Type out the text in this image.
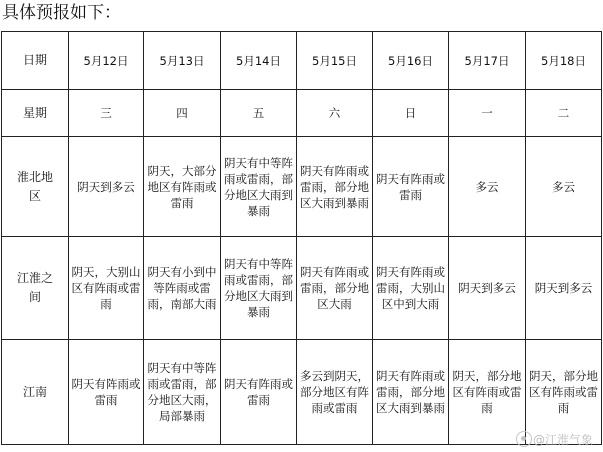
具体预报如下：
日期	5月12日	5月13日	5月14日	5月15日	5月16日	5月17日	5月18日
星期	三	四	五	六	日	一	二

淮北地区	阴天到多云	阴天，大部分地区有阵雨或雷雨	阴天有中等阵雨或雷雨，部分地区大雨到暴雨	阴天有阵雨或雷雨，部分地区大雨到暴雨	阴天有阵雨或雷雨	多云	多云

江淮之间	阴天，大别山区有阵雨或雷雨	阴天有小到中等阵雨或雷雨，南部大雨	阴天有中等阵雨或雷雨，部分地区大雨到暴雨	阴天有阵雨或雷雨，部分地区大雨	阴天有阵雨或雷雨，大别山区中到大雨	阴天到多云	阴天到多云

江南	阴天有阵雨或雷雨	阴天有中等阵雨或雷雨，部分地区大雨，局部暴雨	阴天有阵雨或雷雨	多云到阴天，部分地区有阵雨或雷雨	阴天有阵雨或雷雨，部分地区大雨到暴雨	阴天，部分地区有阵雨或雷雨	阴天，部分地区有阵雨或雷雨
@江淮气象
